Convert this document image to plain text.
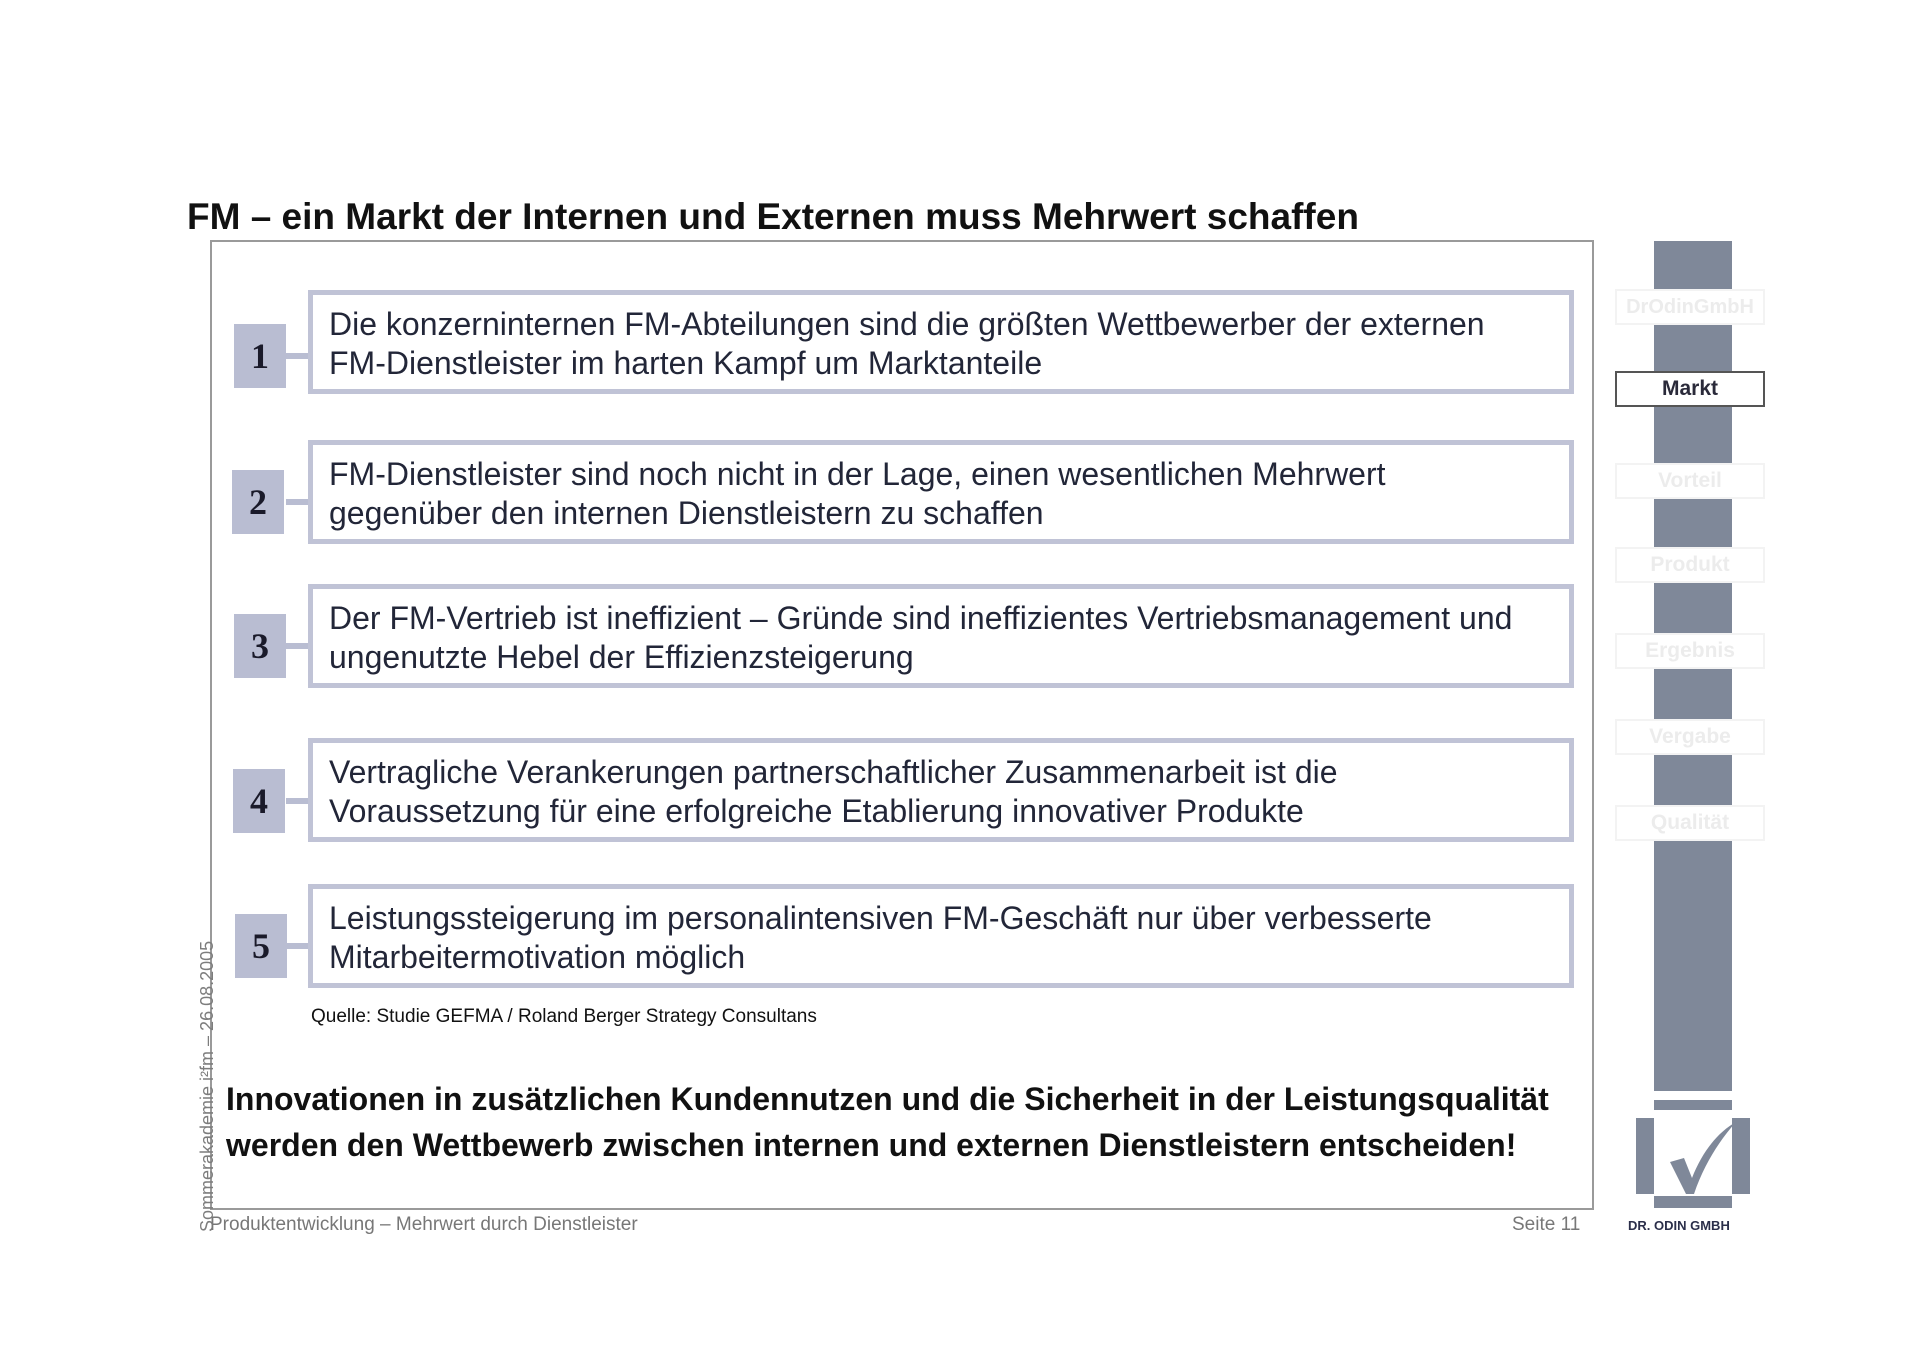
FM – ein Markt der Internen und Externen muss Mehrwert schaffen
1
Die konzerninternen FM-Abteilungen sind die größten Wettbewerber der externen
FM-Dienstleister im harten Kampf um Marktanteile
2
FM-Dienstleister sind noch nicht in der Lage, einen wesentlichen Mehrwert
gegenüber den internen Dienstleistern zu schaffen
3
Der FM-Vertrieb ist ineffizient – Gründe sind ineffizientes Vertriebsmanagement und
ungenutzte Hebel der Effizienzsteigerung
4
Vertragliche Verankerungen partnerschaftlicher Zusammenarbeit ist die
Voraussetzung für eine erfolgreiche Etablierung innovativer Produkte
5
Leistungssteigerung im personalintensiven FM-Geschäft nur über verbesserte
Mitarbeitermotivation möglich
Quelle: Studie GEFMA / Roland Berger Strategy Consultans
Innovationen in zusätzlichen Kundennutzen und die Sicherheit in der Leistungsqualität
werden den Wettbewerb zwischen internen und externen Dienstleistern entscheiden!
Sommerakademie i²fm – 26.08.2005
Produktentwicklung – Mehrwert durch Dienstleister	Seite 11
DrOdinGmbH
Markt
Vorteil
Produkt
Ergebnis
Vergabe
Qualität
DR. ODIN GMBH
